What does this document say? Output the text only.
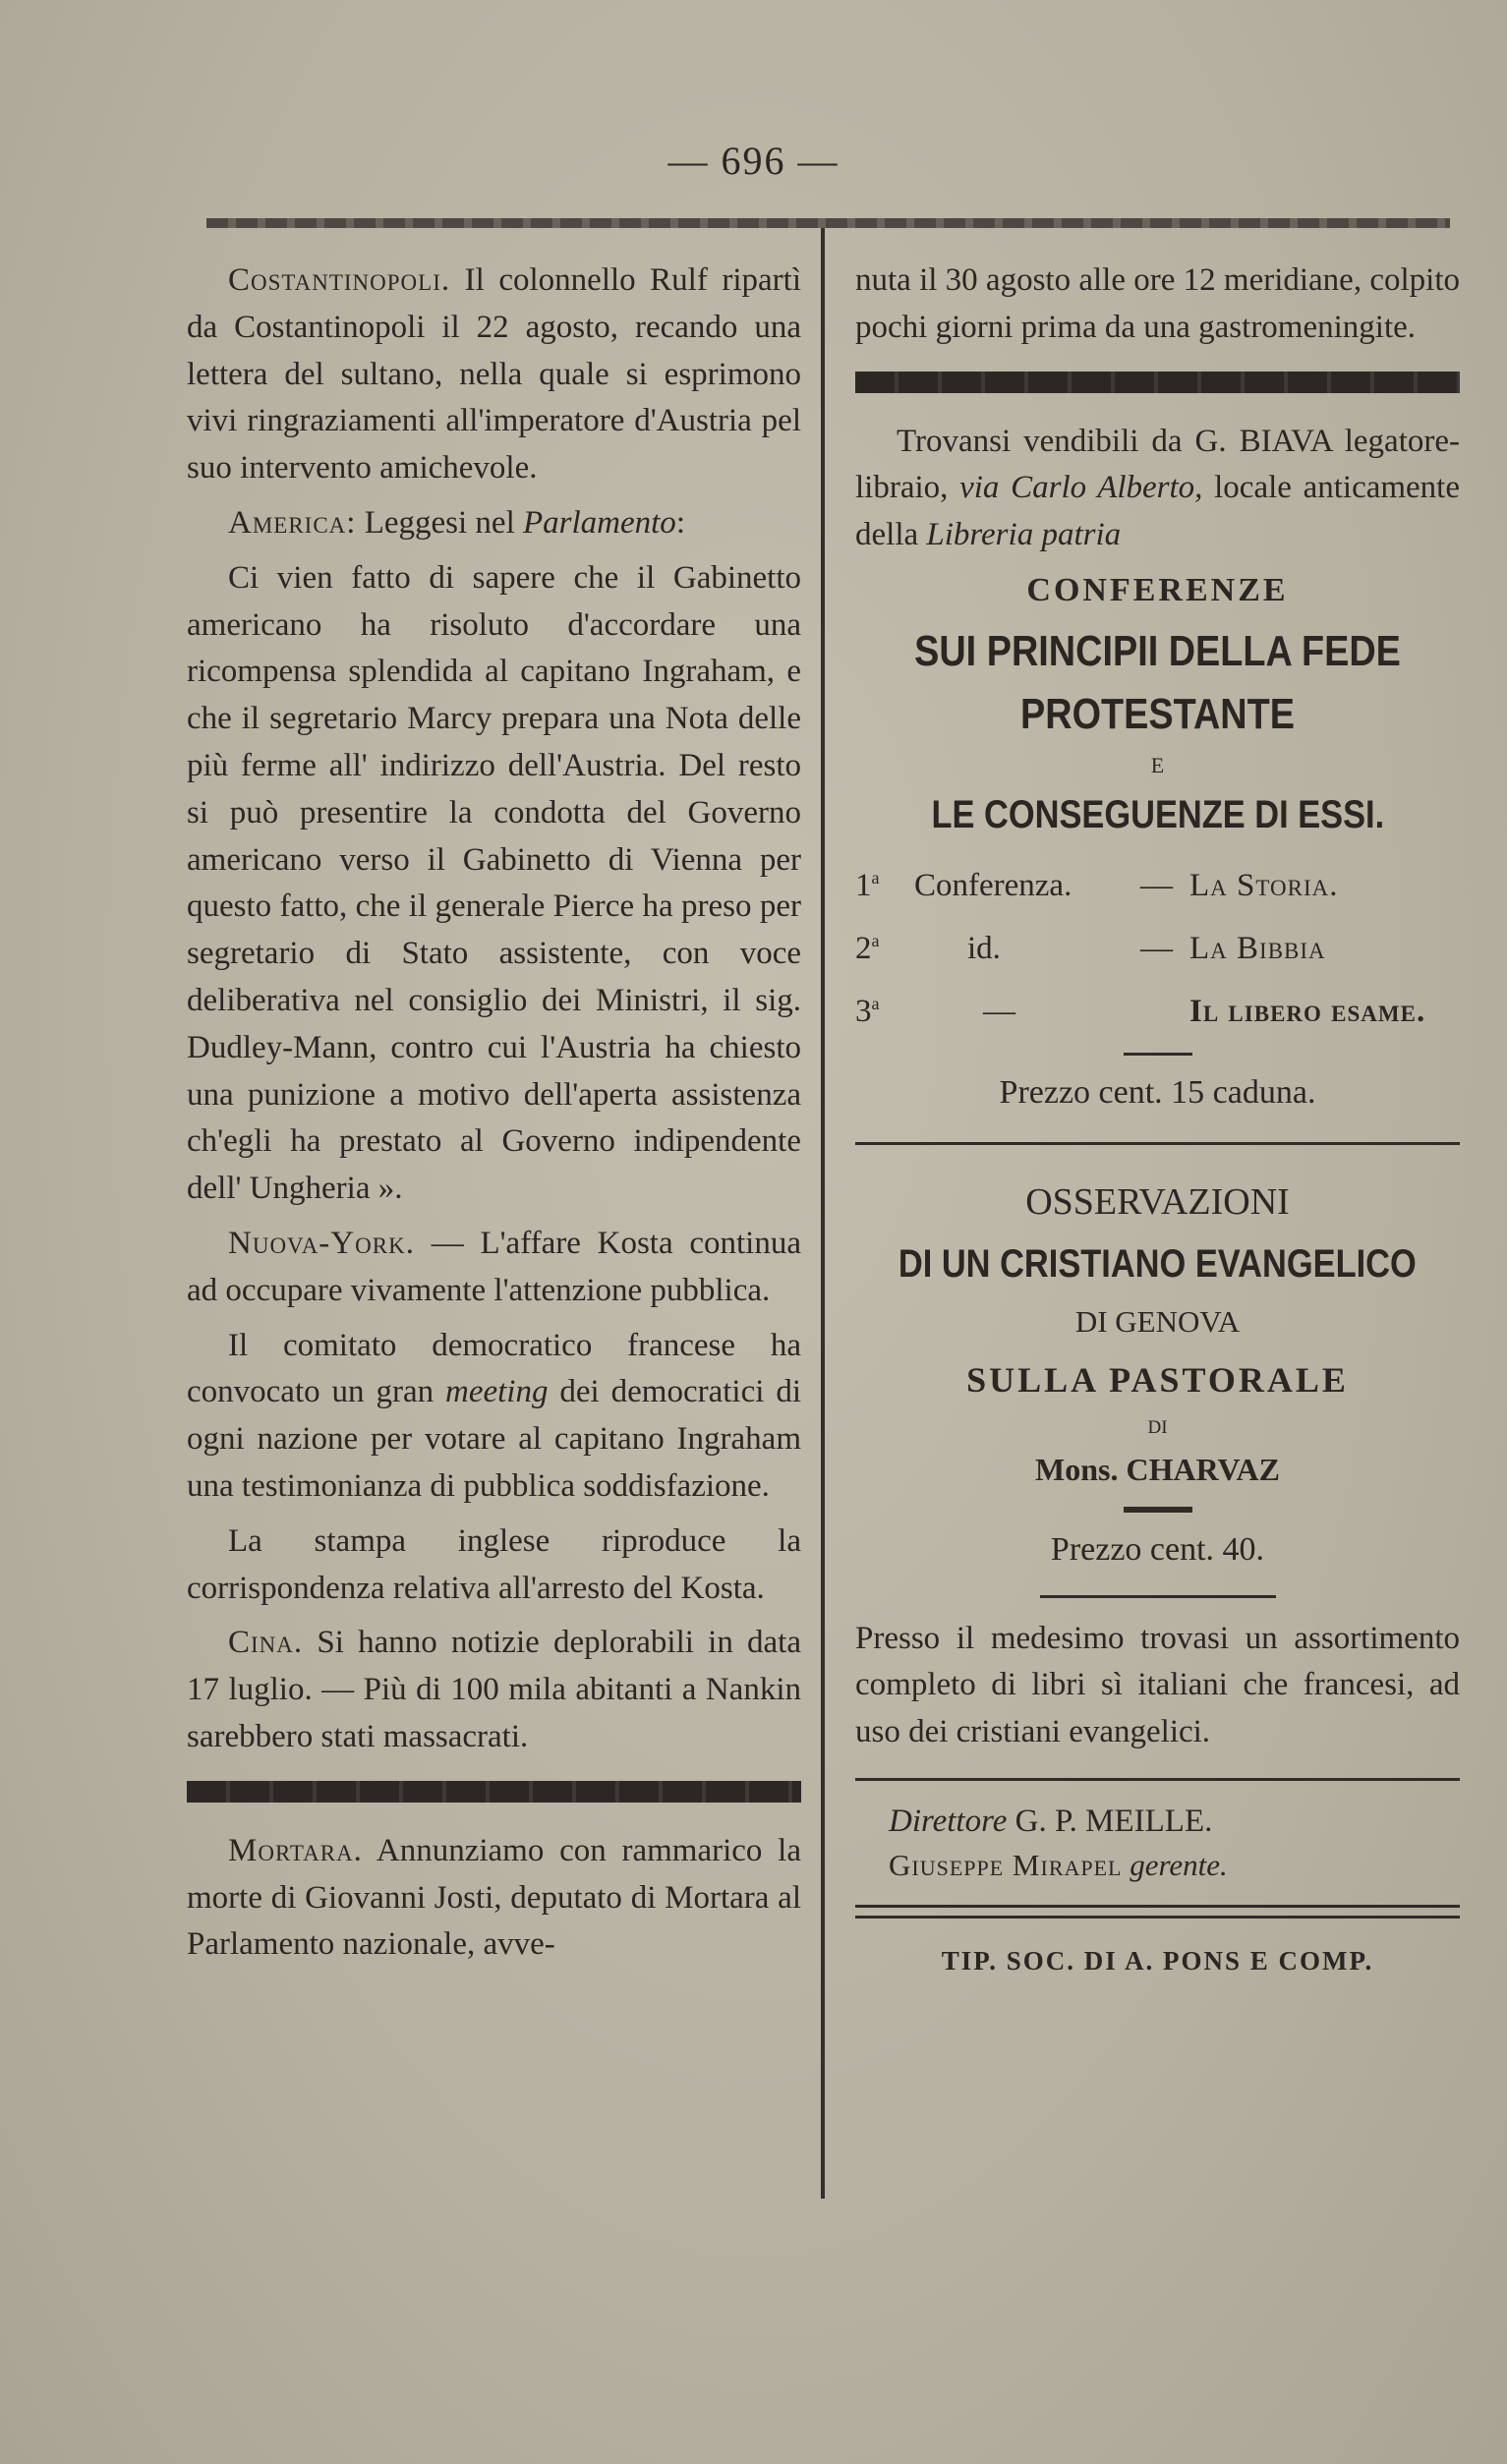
— 696 —

Costantinopoli. Il colonnello Rulf ripartì da Costantinopoli il 22 agosto, recando una lettera del sultano, nella quale si esprimono vivi ringraziamenti all'imperatore d'Austria pel suo intervento amichevole.

America: Leggesi nel Parlamento:

Ci vien fatto di sapere che il Gabinetto americano ha risoluto d'accordare una ricompensa splendida al capitano Ingraham, e che il segretario Marcy prepara una Nota delle più ferme all' indirizzo dell'Austria. Del resto si può presentire la condotta del Governo americano verso il Gabinetto di Vienna per questo fatto, che il generale Pierce ha preso per segretario di Stato assistente, con voce deliberativa nel consiglio dei Ministri, il sig. Dudley-Mann, contro cui l'Austria ha chiesto una punizione a motivo dell'aperta assistenza ch'egli ha prestato al Governo indipendente dell' Ungheria ».

Nuova-York. — L'affare Kosta continua ad occupare vivamente l'attenzione pubblica.

Il comitato democratico francese ha convocato un gran meeting dei democratici di ogni nazione per votare al capitano Ingraham una testimonianza di pubblica soddisfazione.

La stampa inglese riproduce la corrispondenza relativa all'arresto del Kosta.

Cina. Si hanno notizie deplorabili in data 17 luglio. — Più di 100 mila abitanti a Nankin sarebbero stati massacrati.

Mortara. Annunziamo con rammarico la morte di Giovanni Josti, deputato di Mortara al Parlamento nazionale, avve-

nuta il 30 agosto alle ore 12 meridiane, colpito pochi giorni prima da una gastromeningite.

Trovansi vendibili da G. BIAVA legatore-libraio, via Carlo Alberto, locale anticamente della Libreria patria

CONFERENZE
SUI PRINCIPII DELLA FEDE PROTESTANTE
E
LE CONSEGUENZE DI ESSI.
1$^a$	Conferenza.	— La Storia.
2$^a$	id.	— La Bibbia
3$^a$	—	Il libero esame.
Prezzo cent. 15 caduna.
OSSERVAZIONI
DI UN CRISTIANO EVANGELICO
DI GENOVA
SULLA PASTORALE
DI
Mons. CHARVAZ
Prezzo cent. 40.

Presso il medesimo trovasi un assortimento completo di libri sì italiani che francesi, ad uso dei cristiani evangelici.

Direttore G. P. MEILLE.
Giuseppe Mirapel gerente.
TIP. SOC. DI A. PONS E COMP.
